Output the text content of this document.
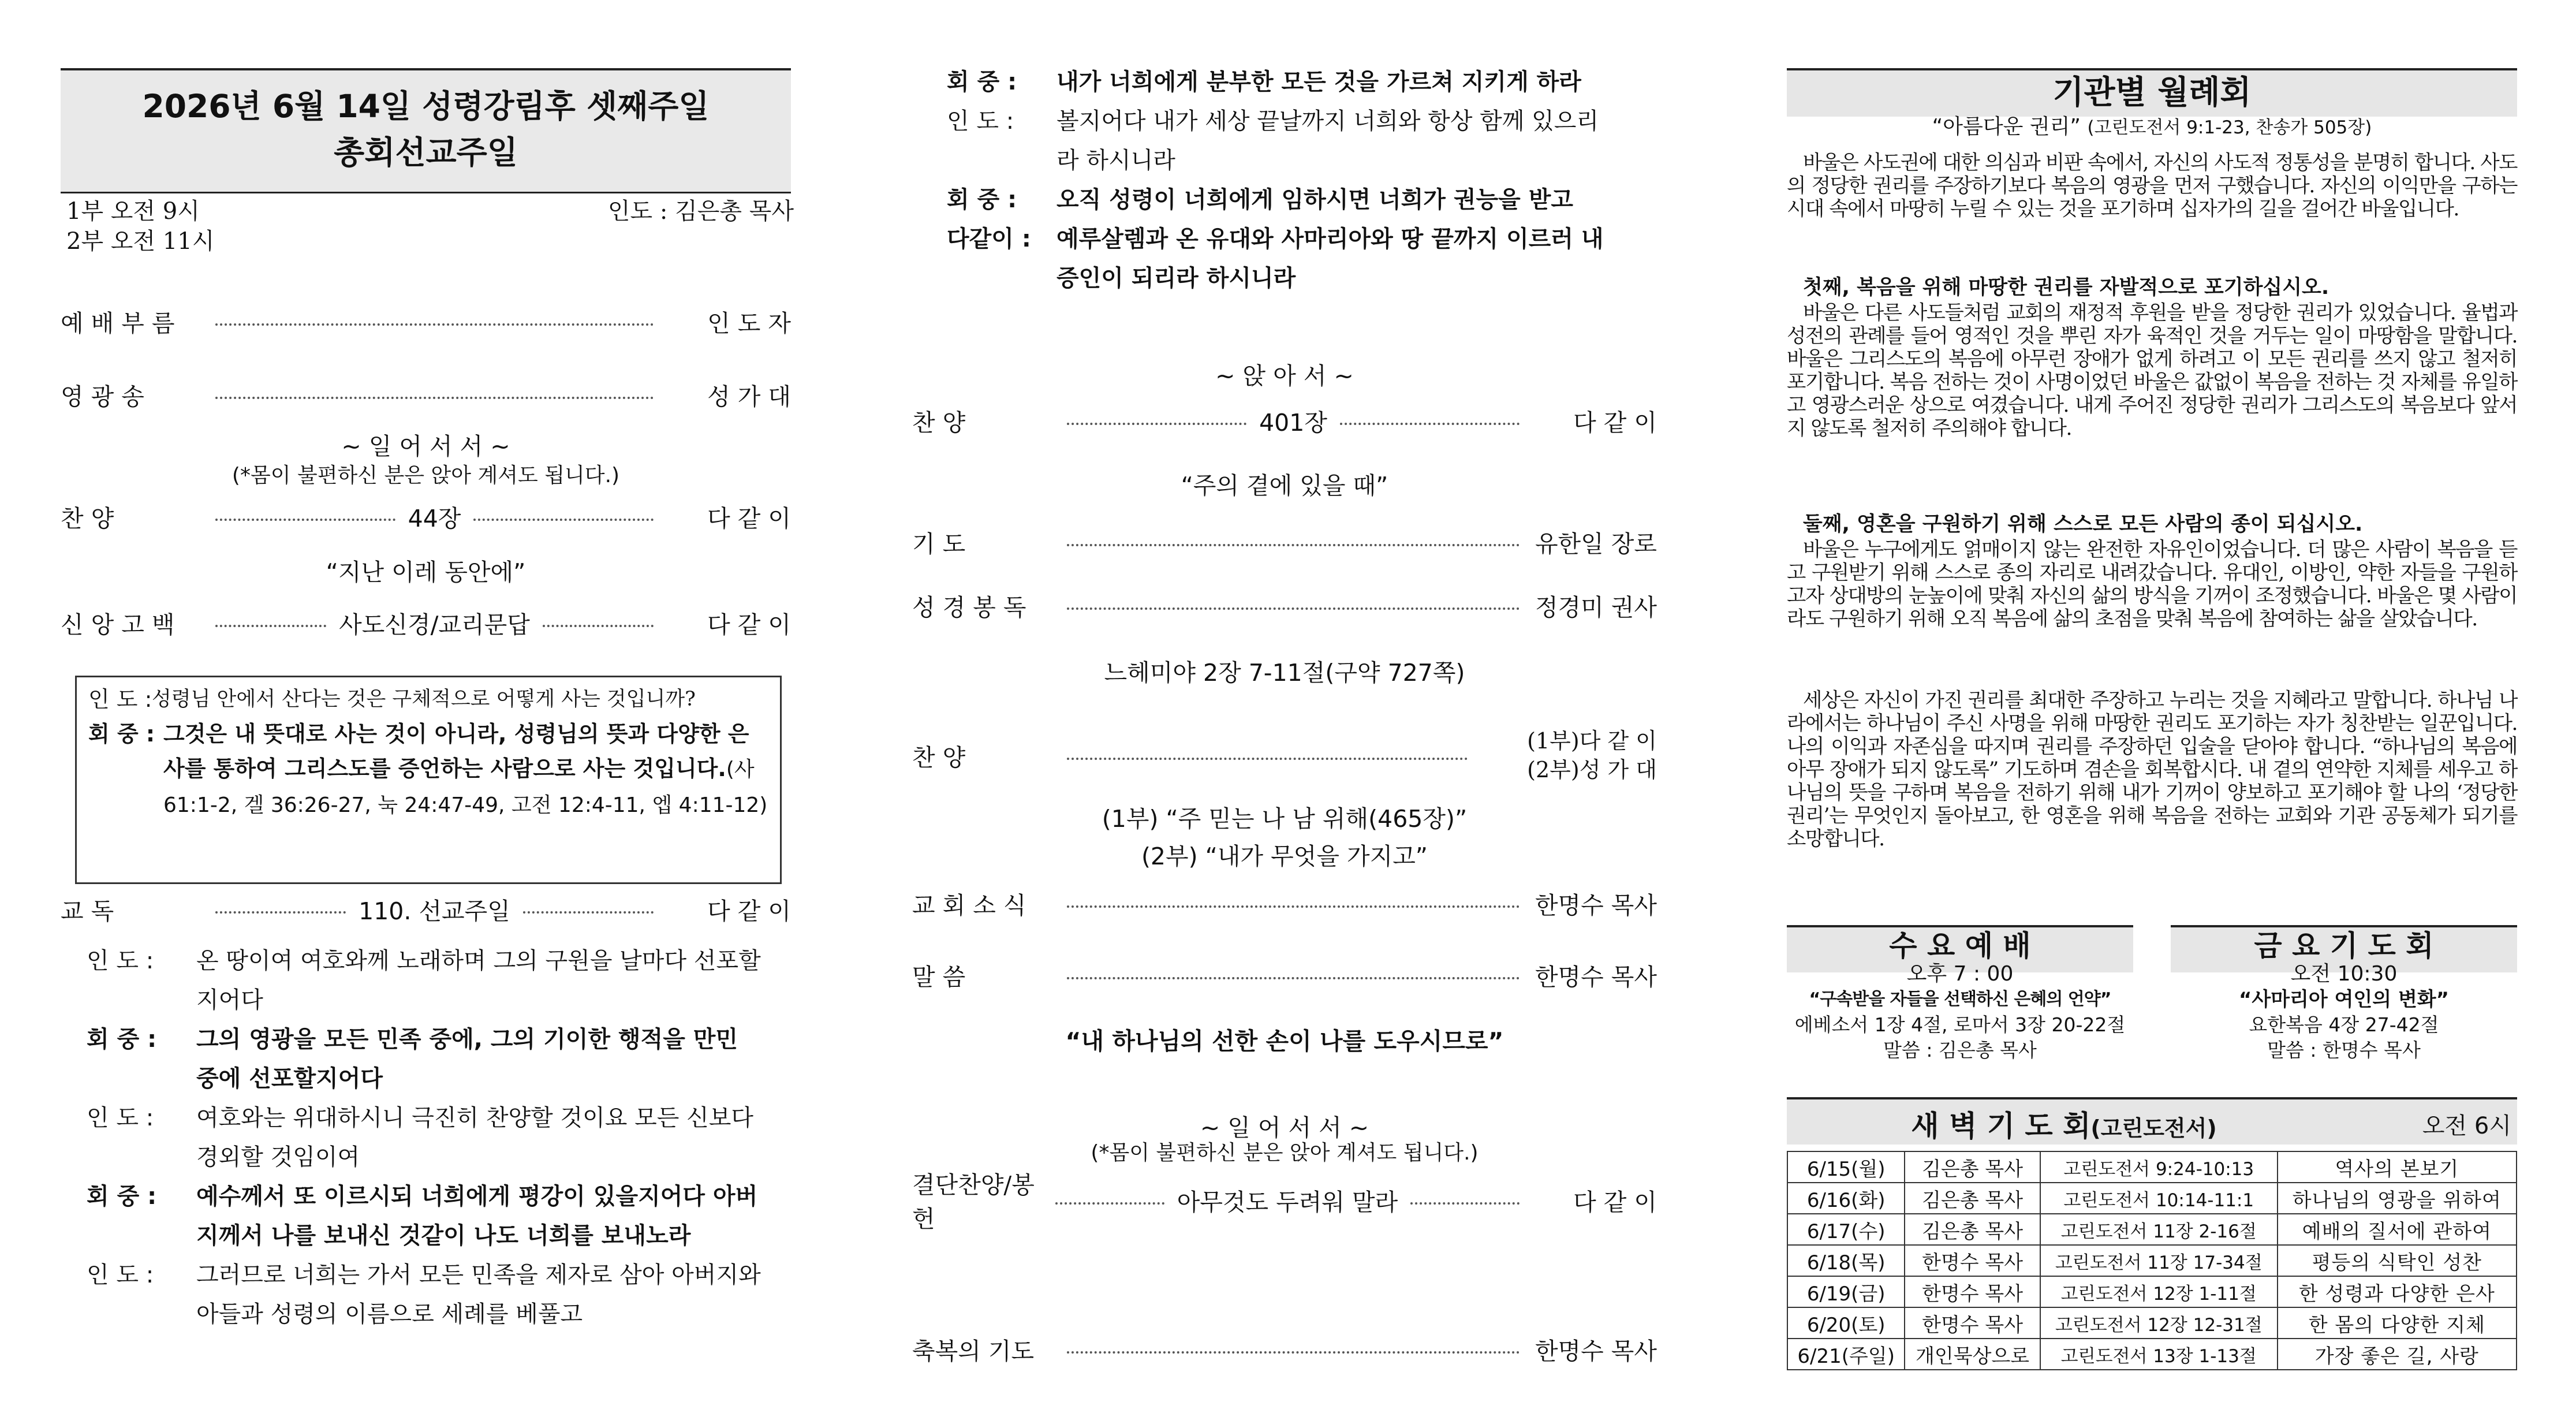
2026년 6월 14일 성령강림후 셋째주일
총회선교주일
1부 오전 9시
2부 오전 11시
인도 : 김은총 목사
예 배 부 름	인 도 자
영 광 송	성 가 대
~ 일 어 서 서 ~
(*몸이 불편하신 분은 앉아 계셔도 됩니다.)
찬 양	44장	다 같 이
“지난 이레 동안에”
신 앙 고 백	사도신경/교리문답	다 같 이
인 도 : 성령님 안에서 산다는 것은 구체적으로 어떻게 사는 것입니까?
회 중 : 그것은 내 뜻대로 사는 것이 아니라, 성령님의 뜻과 다양한 은사를 통하여 그리스도를 증언하는 사람으로 사는 것입니다.(사 61:1-2, 겔 36:26-27, 눅 24:47-49, 고전 12:4-11, 엡 4:11-12)
교 독	110. 선교주일	다 같 이
인 도 :	온 땅이여 여호와께 노래하며 그의 구원을 날마다 선포할지어다
회 중 :	그의 영광을 모든 민족 중에, 그의 기이한 행적을 만민 중에 선포할지어다
인 도 :	여호와는 위대하시니 극진히 찬양할 것이요 모든 신보다 경외할 것임이여
회 중 :	예수께서 또 이르시되 너희에게 평강이 있을지어다 아버지께서 나를 보내신 것같이 나도 너희를 보내노라
인 도 :	그러므로 너희는 가서 모든 민족을 제자로 삼아 아버지와 아들과 성령의 이름으로 세례를 베풀고
회 중 :	내가 너희에게 분부한 모든 것을 가르쳐 지키게 하라
인 도 :	볼지어다 내가 세상 끝날까지 너희와 항상 함께 있으리라 하시니라
회 중 :	오직 성령이 너희에게 임하시면 너희가 권능을 받고
다같이 :	예루살렘과 온 유대와 사마리아와 땅 끝까지 이르러 내 증인이 되리라 하시니라
~ 앉 아 서 ~
찬 양	401장	다 같 이
“주의 곁에 있을 때”
기 도	유한일 장로
성 경 봉 독	정경미 권사
느헤미야 2장 7-11절(구약 727쪽)
찬 양
(1부)다 같 이
(2부)성 가 대
(1부) “주 믿는 나 남 위해(465장)”
(2부) “내가 무엇을 가지고”
교 회 소 식	한명수 목사
말 씀	한명수 목사
“내 하나님의 선한 손이 나를 도우시므로”
~ 일 어 서 서 ~
(*몸이 불편하신 분은 앉아 계셔도 됩니다.)
결단찬양/봉헌
아무것도 두려워 말라	다 같 이
축복의 기도	한명수 목사
기관별 월례회
“아름다운 권리” (고린도전서 9:1-23, 찬송가 505장)
바울은 사도권에 대한 의심과 비판 속에서, 자신의 사도적 정통성을 분명히 합니다. 사도의 정당한 권리를 주장하기보다 복음의 영광을 먼저 구했습니다. 자신의 이익만을 구하는 시대 속에서 마땅히 누릴 수 있는 것을 포기하며 십자가의 길을 걸어간 바울입니다.
첫째, 복음을 위해 마땅한 권리를 자발적으로 포기하십시오.
바울은 다른 사도들처럼 교회의 재정적 후원을 받을 정당한 권리가 있었습니다. 율법과 성전의 관례를 들어 영적인 것을 뿌린 자가 육적인 것을 거두는 일이 마땅함을 말합니다. 바울은 그리스도의 복음에 아무런 장애가 없게 하려고 이 모든 권리를 쓰지 않고 철저히 포기합니다. 복음 전하는 것이 사명이었던 바울은 값없이 복음을 전하는 것 자체를 유일하고 영광스러운 상으로 여겼습니다. 내게 주어진 정당한 권리가 그리스도의 복음보다 앞서지 않도록 철저히 주의해야 합니다.
둘째, 영혼을 구원하기 위해 스스로 모든 사람의 종이 되십시오.
바울은 누구에게도 얽매이지 않는 완전한 자유인이었습니다. 더 많은 사람이 복음을 듣고 구원받기 위해 스스로 종의 자리로 내려갔습니다. 유대인, 이방인, 약한 자들을 구원하고자 상대방의 눈높이에 맞춰 자신의 삶의 방식을 기꺼이 조정했습니다. 바울은 몇 사람이라도 구원하기 위해 오직 복음에 삶의 초점을 맞춰 복음에 참여하는 삶을 살았습니다.
세상은 자신이 가진 권리를 최대한 주장하고 누리는 것을 지혜라고 말합니다. 하나님 나라에서는 하나님이 주신 사명을 위해 마땅한 권리도 포기하는 자가 칭찬받는 일꾼입니다. 나의 이익과 자존심을 따지며 권리를 주장하던 입술을 닫아야 합니다. “하나님의 복음에 아무 장애가 되지 않도록” 기도하며 겸손을 회복합시다. 내 곁의 연약한 지체를 세우고 하나님의 뜻을 구하며 복음을 전하기 위해 내가 기꺼이 양보하고 포기해야 할 나의 ‘정당한 권리’는 무엇인지 돌아보고, 한 영혼을 위해 복음을 전하는 교회와 기관 공동체가 되기를 소망합니다.
수 요 예 배
오후 7 : 00
“구속받을 자들을 선택하신 은혜의 언약”
에베소서 1장 4절, 로마서 3장 20-22절
말씀 : 김은총 목사
금 요 기 도 회
오전 10:30
“사마리아 여인의 변화”
요한복음 4장 27-42절
말씀 : 한명수 목사
새 벽 기 도 회(고린도전서)	오전 6시
6/15(월)	김은총 목사	고린도전서 9:24-10:13	역사의 본보기
6/16(화)	김은총 목사	고린도전서 10:14-11:1	하나님의 영광을 위하여
6/17(수)	김은총 목사	고린도전서 11장 2-16절	예배의 질서에 관하여
6/18(목)	한명수 목사	고린도전서 11장 17-34절	평등의 식탁인 성찬
6/19(금)	한명수 목사	고린도전서 12장 1-11절	한 성령과 다양한 은사
6/20(토)	한명수 목사	고린도전서 12장 12-31절	한 몸의 다양한 지체
6/21(주일)	개인묵상으로	고린도전서 13장 1-13절	가장 좋은 길, 사랑
